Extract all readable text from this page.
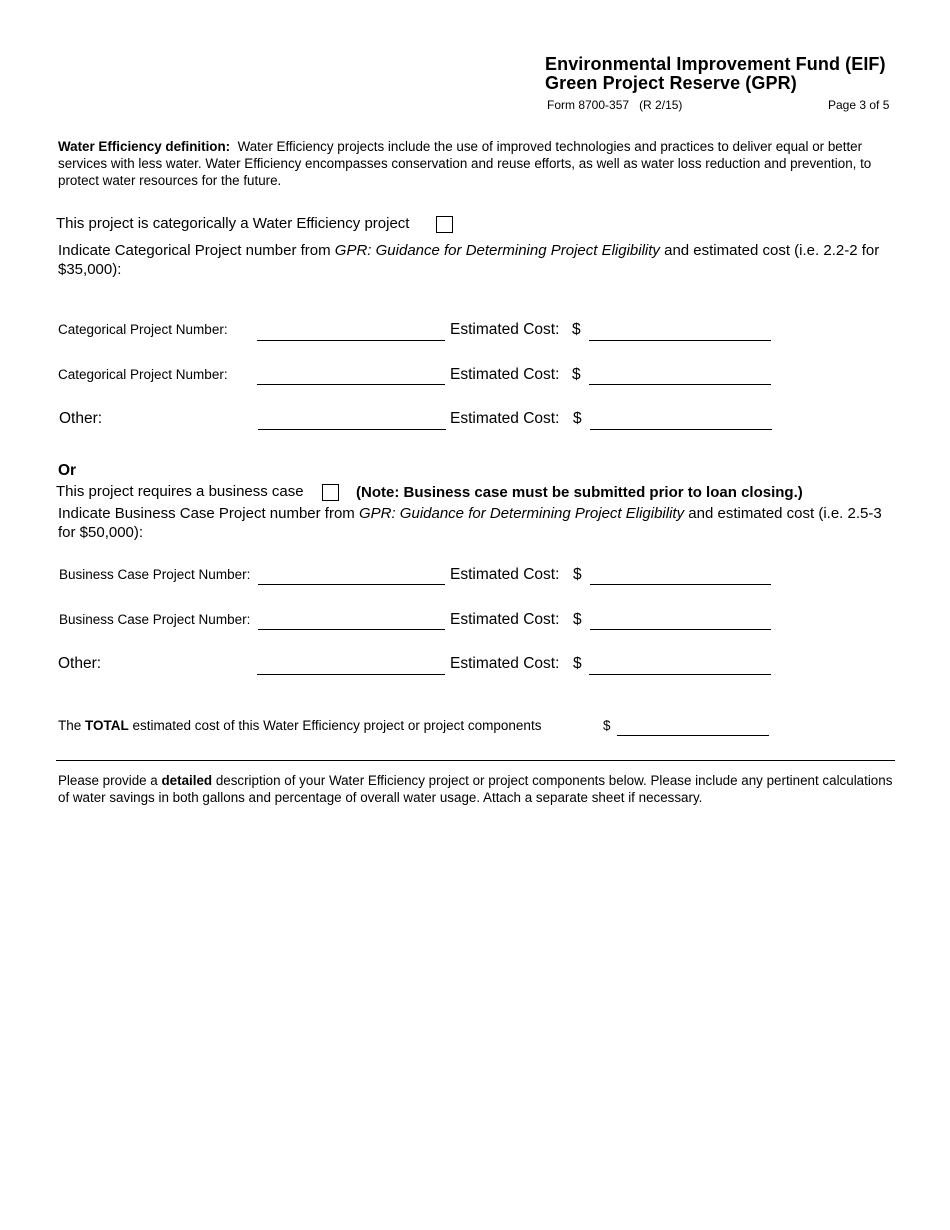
Environmental Improvement Fund (EIF)
Green Project Reserve (GPR)
Form 8700-357 (R 2/15)	Page 3 of 5
Water Efficiency definition: Water Efficiency projects include the use of improved technologies and practices to deliver equal or better services with less water. Water Efficiency encompasses conservation and reuse efforts, as well as water loss reduction and prevention, to protect water resources for the future.
This project is categorically a Water Efficiency project
Indicate Categorical Project number from GPR: Guidance for Determining Project Eligibility and estimated cost (i.e. 2.2-2 for $35,000):
Categorical Project Number:	Estimated Cost: $
Categorical Project Number:	Estimated Cost: $
Other:	Estimated Cost: $
Or
This project requires a business case	(Note: Business case must be submitted prior to loan closing.)
Indicate Business Case Project number from GPR: Guidance for Determining Project Eligibility and estimated cost (i.e. 2.5-3 for $50,000):
Business Case Project Number:	Estimated Cost: $
Business Case Project Number:	Estimated Cost: $
Other:	Estimated Cost: $
The TOTAL estimated cost of this Water Efficiency project or project components	$
Please provide a detailed description of your Water Efficiency project or project components below. Please include any pertinent calculations of water savings in both gallons and percentage of overall water usage. Attach a separate sheet if necessary.
